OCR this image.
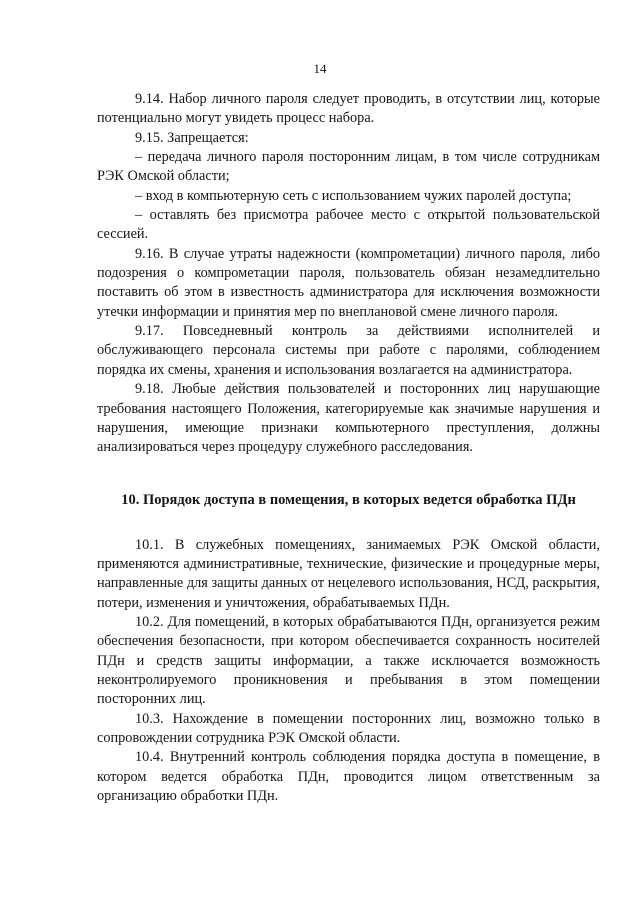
14

9.14. Набор личного пароля следует проводить, в отсутствии лиц, которые потенциально могут увидеть процесс набора.

9.15. Запрещается:

– передача личного пароля посторонним лицам, в том числе сотрудникам РЭК Омской области;

– вход в компьютерную сеть с использованием чужих паролей доступа;

– оставлять без присмотра рабочее место с открытой пользовательской сессией.

9.16. В случае утраты надежности (компрометации) личного пароля, либо подозрения о компрометации пароля, пользователь обязан незамедлительно поставить об этом в известность администратора для исключения возможности утечки информации и принятия мер по внеплановой смене личного пароля.

9.17. Повседневный контроль за действиями исполнителей и обслуживающего персонала системы при работе с паролями, соблюдением порядка их смены, хранения и использования возлагается на администратора.

9.18. Любые действия пользователей и посторонних лиц нарушающие требования настоящего Положения, категорируемые как значимые нарушения и нарушения, имеющие признаки компьютерного преступления, должны анализироваться через процедуру служебного расследования.

10. Порядок доступа в помещения, в которых ведется обработка ПДн

10.1. В служебных помещениях, занимаемых РЭК Омской области, применяются административные, технические, физические и процедурные меры, направленные для защиты данных от нецелевого использования, НСД, раскрытия, потери, изменения и уничтожения, обрабатываемых ПДн.

10.2. Для помещений, в которых обрабатываются ПДн, организуется режим обеспечения безопасности, при котором обеспечивается сохранность носителей ПДн и средств защиты информации, а также исключается возможность неконтролируемого проникновения и пребывания в этом помещении посторонних лиц.

10.3. Нахождение в помещении посторонних лиц, возможно только в сопровождении сотрудника РЭК Омской области.

10.4. Внутренний контроль соблюдения порядка доступа в помещение, в котором ведется обработка ПДн, проводится лицом ответственным за организацию обработки ПДн.
